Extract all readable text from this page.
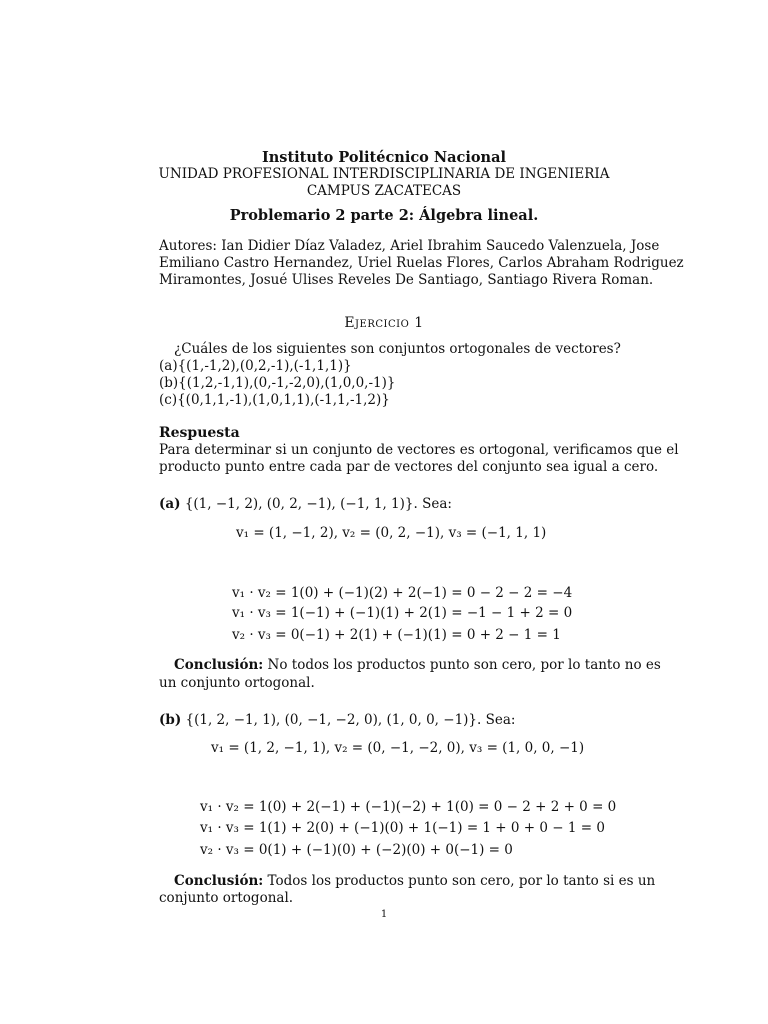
Instituto Politécnico Nacional
UNIDAD PROFESIONAL INTERDISCIPLINARIA DE INGENIERIA
CAMPUS ZACATECAS
Problemario 2 parte 2: Álgebra lineal.
Autores: Ian Didier Díaz Valadez, Ariel Ibrahim Saucedo Valenzuela, Jose
Emiliano Castro Hernandez, Uriel Ruelas Flores, Carlos Abraham Rodriguez
Miramontes, Josué Ulises Reveles De Santiago, Santiago Rivera Roman.
Ejercicio 1
¿Cuáles de los siguientes son conjuntos ortogonales de vectores?
(a){(1,-1,2),(0,2,-1),(-1,1,1)}
(b){(1,2,-1,1),(0,-1,-2,0),(1,0,0,-1)}
(c){(0,1,1,-1),(1,0,1,1),(-1,1,-1,2)}
Respuesta
Para determinar si un conjunto de vectores es ortogonal, verificamos que el
producto punto entre cada par de vectores del conjunto sea igual a cero.
(a) {(1, −1, 2), (0, 2, −1), (−1, 1, 1)}. Sea:
v₁ = (1, −1, 2), v₂ = (0, 2, −1), v₃ = (−1, 1, 1)
v₁ · v₂ = 1(0) + (−1)(2) + 2(−1) = 0 − 2 − 2 = −4
v₁ · v₃ = 1(−1) + (−1)(1) + 2(1) = −1 − 1 + 2 = 0
v₂ · v₃ = 0(−1) + 2(1) + (−1)(1) = 0 + 2 − 1 = 1
Conclusión: No todos los productos punto son cero, por lo tanto no es
un conjunto ortogonal.
(b) {(1, 2, −1, 1), (0, −1, −2, 0), (1, 0, 0, −1)}. Sea:
v₁ = (1, 2, −1, 1), v₂ = (0, −1, −2, 0), v₃ = (1, 0, 0, −1)
v₁ · v₂ = 1(0) + 2(−1) + (−1)(−2) + 1(0) = 0 − 2 + 2 + 0 = 0
v₁ · v₃ = 1(1) + 2(0) + (−1)(0) + 1(−1) = 1 + 0 + 0 − 1 = 0
v₂ · v₃ = 0(1) + (−1)(0) + (−2)(0) + 0(−1) = 0
Conclusión: Todos los productos punto son cero, por lo tanto si es un
conjunto ortogonal.
1
